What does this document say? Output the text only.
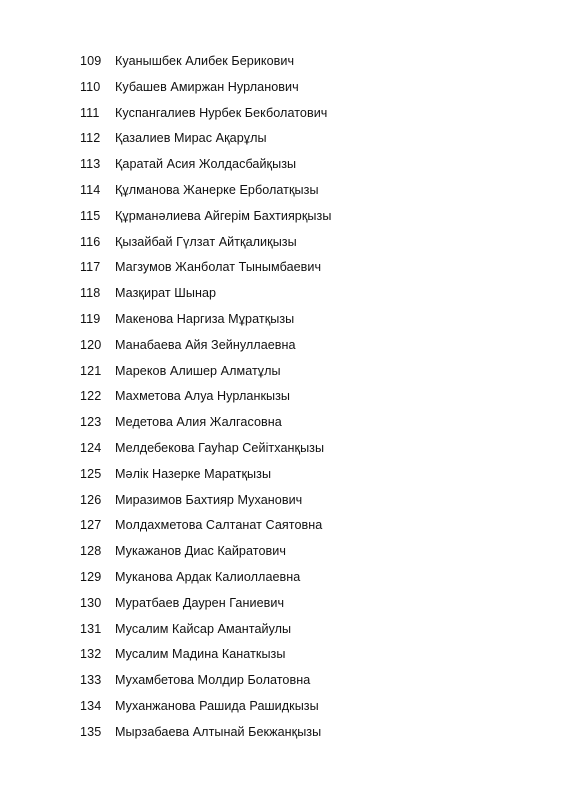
109	Куанышбек Алибек Берикович
110	Кубашев Амиржан Нурланович
111	Куспангалиев Нурбек Бекболатович
112	Қазалиев Мирас Ақарұлы
113	Қаратай Асия Жолдасбайқызы
114	Құлманова Жанерке Ерболатқызы
115	Құрманәлиева Айгерім Бахтиярқызы
116	Қызайбай Гүлзат Айтқалиқызы
117	Магзумов Жанболат Тынымбаевич
118	Мазқират Шынар
119	Макенова Наргиза Мұратқызы
120	Манабаева Айя Зейнуллаевна
121	Мареков Алишер Алматұлы
122	Махметова Алуа Нурланкызы
123	Медетова Алия Жалгасовна
124	Мелдебекова Гауһар Сейітханқызы
125	Мәлік Назерке Маратқызы
126	Миразимов Бахтияр Муханович
127	Молдахметова Салтанат Саятовна
128	Мукажанов Диас Кайратович
129	Муканова Ардак Калиоллаевна
130	Муратбаев Даурен Ганиевич
131	Мусалим Кайсар Амантайулы
132	Мусалим Мадина Канаткызы
133	Мухамбетова Молдир Болатовна
134	Муханжанова Рашида Рашидкызы
135	Мырзабаева Алтынай Бекжанқызы
